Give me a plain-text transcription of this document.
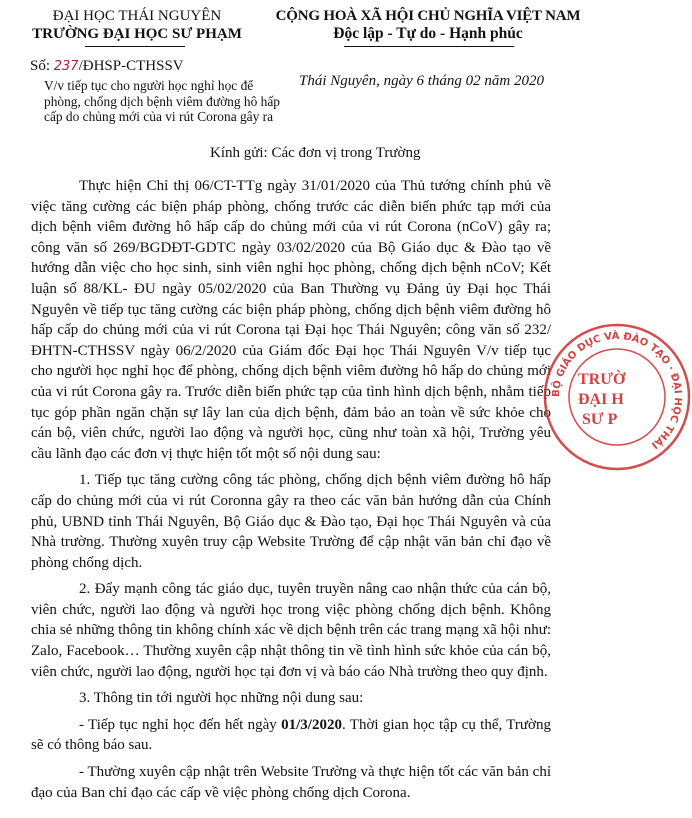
ĐẠI HỌC THÁI NGUYÊN
TRƯỜNG ĐẠI HỌC SƯ PHẠM
CỘNG HOÀ XÃ HỘI CHỦ NGHĨA VIỆT NAM
Độc lập - Tự do - Hạnh phúc
Số: 237/ĐHSP-CTHSSV
V/v tiếp tục cho người học nghỉ học để phòng, chống dịch bệnh viêm đường hô hấp cấp do chủng mới của vi rút Corona gây ra
Thái Nguyên, ngày 6 tháng 02 năm 2020
Kính gửi: Các đơn vị trong Trường

Thực hiện Chỉ thị 06/CT-TTg ngày 31/01/2020 của Thủ tướng chính phủ về việc tăng cường các biện pháp phòng, chống trước các diễn biến phức tạp mới của dịch bệnh viêm đường hô hấp cấp do chủng mới của vi rút Corona (nCoV) gây ra; công văn số 269/BGDĐT-GDTC ngày 03/02/2020 của Bộ Giáo dục & Đào tạo về hướng dẫn việc cho học sinh, sinh viên nghỉ học phòng, chống dịch bệnh nCoV; Kết luận số 88/KL- ĐU ngày 05/02/2020 của Ban Thường vụ Đảng ủy Đại học Thái Nguyên về tiếp tục tăng cường các biện pháp phòng, chống dịch bệnh viêm đường hô hấp cấp do chủng mới của vi rút Corona tại Đại học Thái Nguyên; công văn số 232/ĐHTN-CTHSSV ngày 06/2/2020 của Giám đốc Đại học Thái Nguyên V/v tiếp tục cho người học nghỉ học để phòng, chống dịch bệnh viêm đường hô hấp do chủng mới của vi rút Corona gây ra. Trước diễn biến phức tạp của tình hình dịch bệnh, nhằm tiếp tục góp phần ngăn chặn sự lây lan của dịch bệnh, đảm bảo an toàn về sức khỏe cho cán bộ, viên chức, người lao động và người học, cũng như toàn xã hội, Trường yêu cầu lãnh đạo các đơn vị thực hiện tốt một số nội dung sau:

1. Tiếp tục tăng cường công tác phòng, chống dịch bệnh viêm đường hô hấp cấp do chủng mới của vi rút Coronna gây ra theo các văn bản hướng dẫn của Chính phủ, UBND tỉnh Thái Nguyên, Bộ Giáo dục & Đào tạo, Đại học Thái Nguyên và của Nhà trường. Thường xuyên truy cập Website Trường để cập nhật văn bản chỉ đạo về phòng chống dịch.

2. Đẩy mạnh công tác giáo dục, tuyên truyền nâng cao nhận thức của cán bộ, viên chức, người lao động và người học trong việc phòng chống dịch bệnh. Không chia sẻ những thông tin không chính xác về dịch bệnh trên các trang mạng xã hội như: Zalo, Facebook… Thường xuyên cập nhật thông tin về tình hình sức khỏe của cán bộ, viên chức, người lao động, người học tại đơn vị và báo cáo Nhà trường theo quy định.

3. Thông tin tới người học những nội dung sau:

- Tiếp tục nghỉ học đến hết ngày 01/3/2020. Thời gian học tập cụ thể, Trường sẽ có thông báo sau.

- Thường xuyên cập nhật trên Website Trường và thực hiện tốt các văn bản chỉ đạo của Ban chỉ đạo các cấp về việc phòng chống dịch Corona.

BỘ GIÁO DỤC VÀ ĐÀO TẠO · ĐẠI HỌC THÁI
TRƯỜ
ĐẠI H
SƯ P
